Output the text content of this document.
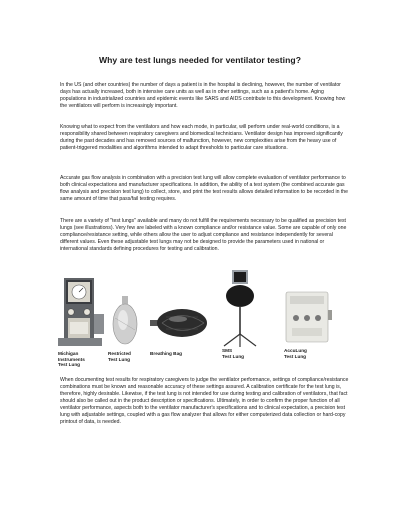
Why are test lungs needed for ventilator testing?

In the US (and other countries) the number of days a patient is in the hospital is declining, however, the number of ventilator days has actually increased, both in intensive care units as well as in other settings, such as a patient's home. Aging populations in industrialized countries and epidemic events like SARS and AIDS contribute to this development. Knowing how the ventilators will perform is increasingly important.

Knowing what to expect from the ventilators and how each mode, in particular, will perform under real-world conditions, is a responsibility shared between respiratory caregivers and biomedical technicians. Ventilator design has improved significantly during the past decades and has removed sources of malfunction, however, new complexities arise from the heavy use of patient-triggered modalities and algorithms intended to adapt thresholds to particular care situations.

Accurate gas flow analysis in combination with a precision test lung will allow complete evaluation of ventilator performance to both clinical expectations and manufacturer specifications. In addition, the ability of a test system (the combined accurate gas flow analysis and precision test lung) to collect, store, and print the test results allows detailed information to be recorded in the same amount of time that pass/fail testing requires.

There are a variety of "test lungs" available and many do not fulfill the requirements necessary to be qualified as precision test lungs (see illustrations). Very few are labeled with a known compliance and/or resistance value. Some are capable of only one compliance/resistance setting, while others allow the user to adjust compliance and resistance independently for several different values. Even these adjustable test lungs may not be designed to provide the parameters used in national or international standards defining procedures for testing and calibration.

Michigan
Instruments
Test Lung
Restricted
Test Lung
Breathing Bag
SMS
Test Lung
AccuLung
Test Lung

When documenting test results for respiratory caregivers to judge the ventilator performance, settings of compliance/resistance combinations must be known and reasonable accuracy of these settings assured. A calibration certificate for the test lung is, therefore, highly desirable. Likewise, if the test lung is not intended for use during testing and calibration of ventilators, that fact should also be called out in the product description or specifications. Ultimately, in order to confirm the proper function of all ventilator performance, aspects both to the ventilator manufacturer's specifications and to clinical expectation, a precision test lung with adjustable settings, coupled with a gas flow analyzer that allows for either computerized data collection or hard-copy printout of data, is needed.
